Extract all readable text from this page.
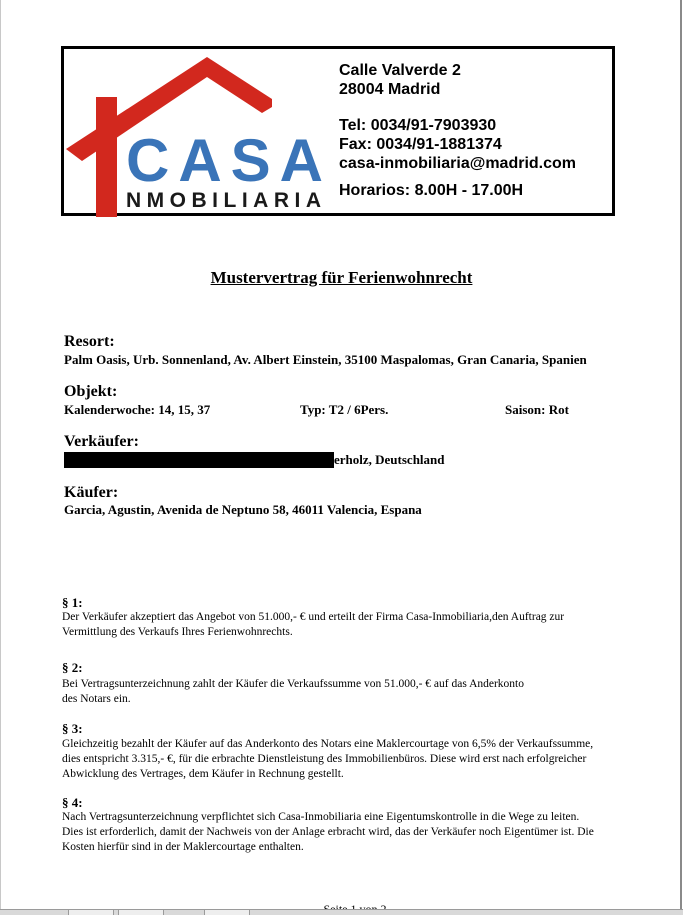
CASA
NMOBILIARIA
Calle Valverde 2
28004 Madrid
Tel: 0034/91-7903930
Fax: 0034/91-1881374
casa-inmobiliaria@madrid.com
Horarios: 8.00H - 17.00H
Mustervertrag für Ferienwohnrecht
Resort:
Palm Oasis, Urb. Sonnenland, Av. Albert Einstein, 35100 Maspalomas, Gran Canaria, Spanien
Objekt:
Kalenderwoche: 14, 15, 37	Typ: T2 / 6Pers.	Saison: Rot
Verkäufer:
erholz, Deutschland
Käufer:
Garcia, Agustin, Avenida de Neptuno 58, 46011 Valencia, Espana
§ 1:
Der Verkäufer akzeptiert das Angebot von 51.000,- € und erteilt der Firma Casa-Inmobiliaria,den Auftrag zur
Vermittlung des Verkaufs Ihres Ferienwohnrechts.
§ 2:
Bei Vertragsunterzeichnung zahlt der Käufer die Verkaufssumme von 51.000,- € auf das Anderkonto
des Notars ein.
§ 3:
Gleichzeitig bezahlt der Käufer auf das Anderkonto des Notars eine Maklercourtage von 6,5% der Verkaufssumme,
dies entspricht 3.315,- €, für die erbrachte Dienstleistung des Immobilienbüros. Diese wird erst nach erfolgreicher
Abwicklung des Vertrages, dem Käufer in Rechnung gestellt.
§ 4:
Nach Vertragsunterzeichnung verpflichtet sich Casa-Inmobiliaria eine Eigentumskontrolle in die Wege zu leiten.
Dies ist erforderlich, damit der Nachweis von der Anlage erbracht wird, das der Verkäufer noch Eigentümer ist. Die
Kosten hierfür sind in der Maklercourtage enthalten.
